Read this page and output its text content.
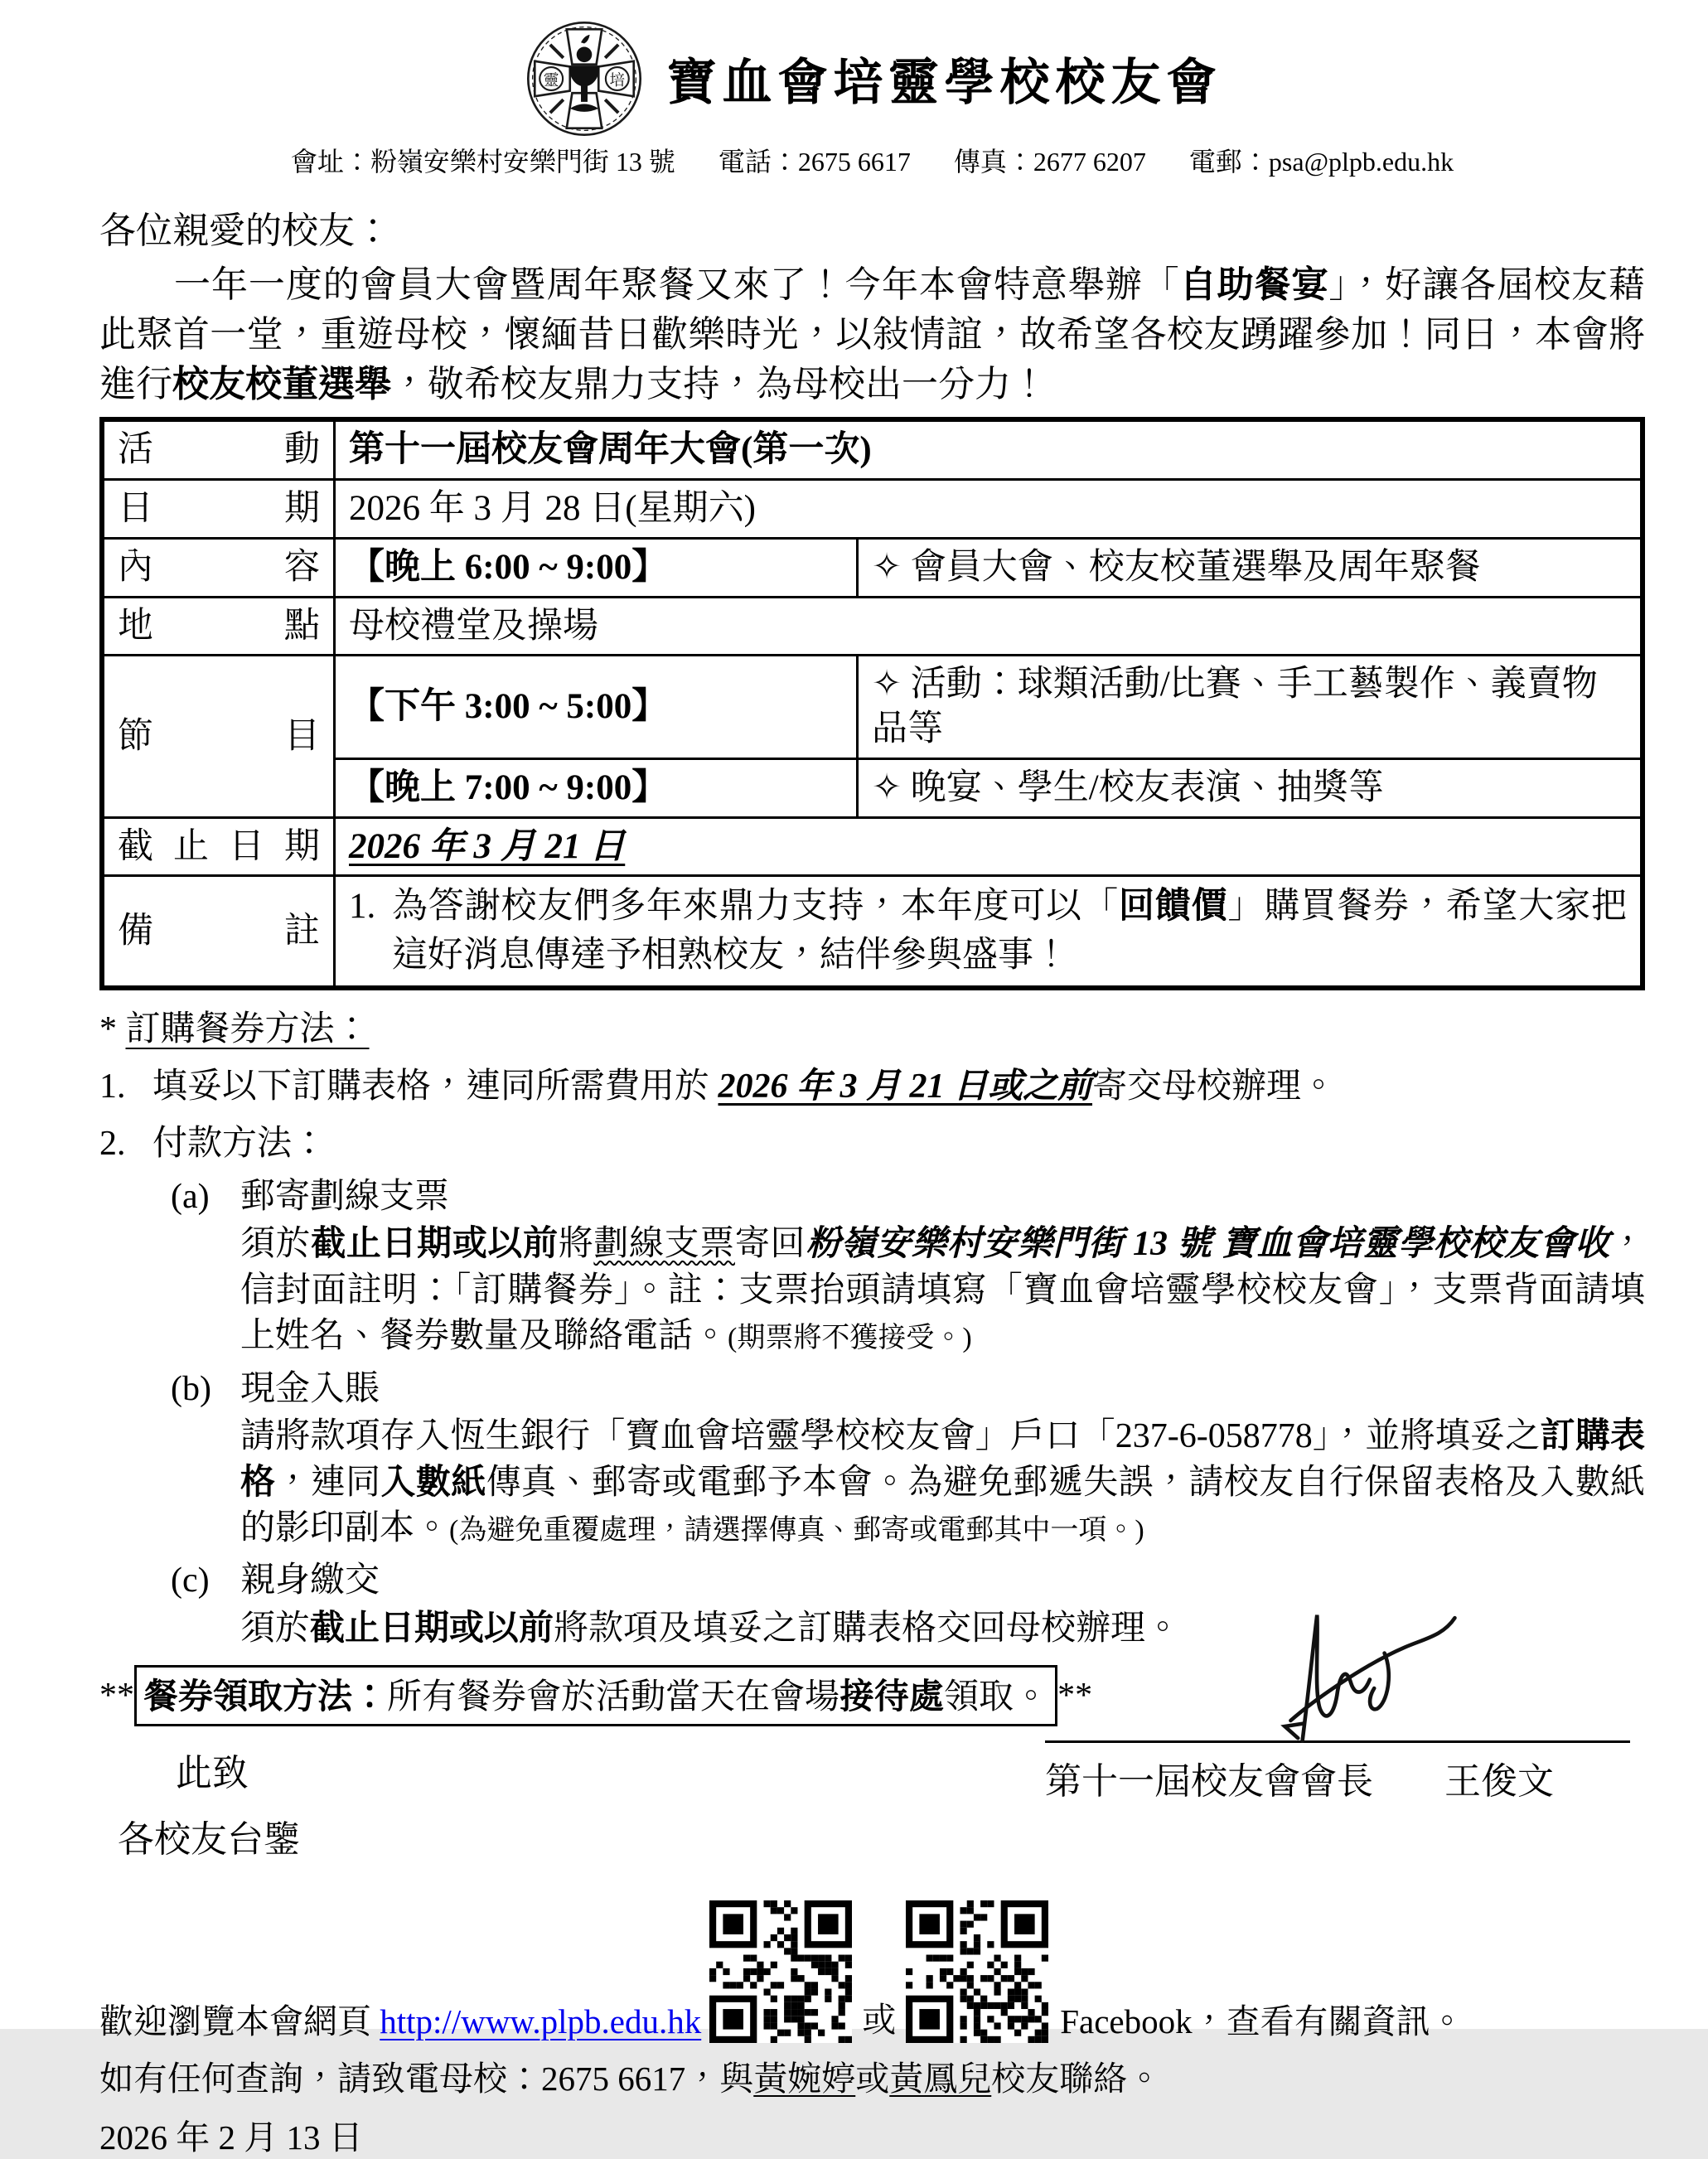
靈	培 寶血會培靈學校校友會
會址：粉嶺安樂村安樂門街 13 號 電話：2675 6617 傳真：2677 6207 電郵：psa@plpb.edu.hk
各位親愛的校友：
一年一度的會員大會暨周年聚餐又來了！今年本會特意舉辦「自助餐宴」，好讓各屆校友藉此聚首一堂，重遊母校，懷緬昔日歡樂時光，以敍情誼，故希望各校友踴躍參加！同日，本會將進行校友校董選舉，敬希校友鼎力支持，為母校出一分力！
活動	第十一屆校友會周年大會(第一次)	
日期	2026 年 3 月 28 日(星期六)	
內容	【晚上 6:00 ~ 9:00】	✧ 會員大會、校友校董選舉及周年聚餐
地點	母校禮堂及操場	
節目	【下午 3:00 ~ 5:00】	✧ 活動：球類活動/比賽、手工藝製作、義賣物品等
	【晚上 7:00 ~ 9:00】	✧ 晚宴、學生/校友表演、抽獎等
截止日期	2026 年 3 月 21 日	
備註	1. 為答謝校友們多年來鼎力支持，本年度可以「回饋價」購買餐券，希望大家把這好消息傳達予相熟校友，結伴參與盛事！	
* 訂購餐券方法：
1. 填妥以下訂購表格，連同所需費用於 2026 年 3 月 21 日或之前寄交母校辦理。
2. 付款方法：
(a) 郵寄劃線支票
須於截止日期或以前將劃線支票寄回粉嶺安樂村安樂門街 13 號 寶血會培靈學校校友會收，信封面註明：「訂購餐券」。註：支票抬頭請填寫「寶血會培靈學校校友會」，支票背面請填上姓名、餐券數量及聯絡電話。(期票將不獲接受。)
(b) 現金入賬
請將款項存入恆生銀行「寶血會培靈學校校友會」戶口「237-6-058778」，並將填妥之訂購表格，連同入數紙傳真、郵寄或電郵予本會。為避免郵遞失誤，請校友自行保留表格及入數紙的影印副本。(為避免重覆處理，請選擇傳真、郵寄或電郵其中一項。)
(c) 親身繳交
須於截止日期或以前將款項及填妥之訂購表格交回母校辦理。
** 餐券領取方法：所有餐券會於活動當天在會場接待處領取。 **
此致
各校友台鑒
第十一屆校友會會長 王俊文
歡迎瀏覽本會網頁 http://www.plpb.edu.hk	或	Facebook，查看有關資訊。
如有任何查詢，請致電母校：2675 6617，與黃婉婷或黃鳳兒校友聯絡。
2026 年 2 月 13 日
